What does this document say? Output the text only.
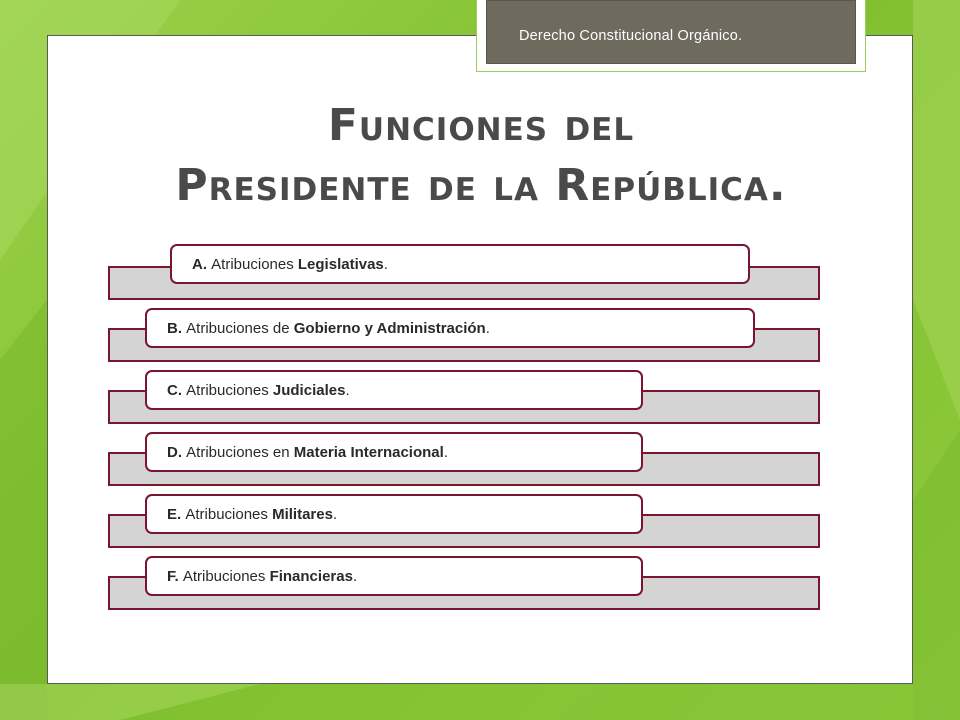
Derecho Constitucional Orgánico.
Funciones del
Presidente de la República.
A.
Atribuciones
Legislativas .
B.
Atribuciones de
Gobierno y Administración .
C.
Atribuciones
Judiciales .
D.
Atribuciones en
Materia Internacional .
E.
Atribuciones
Militares .
F.
Atribuciones
Financieras .
